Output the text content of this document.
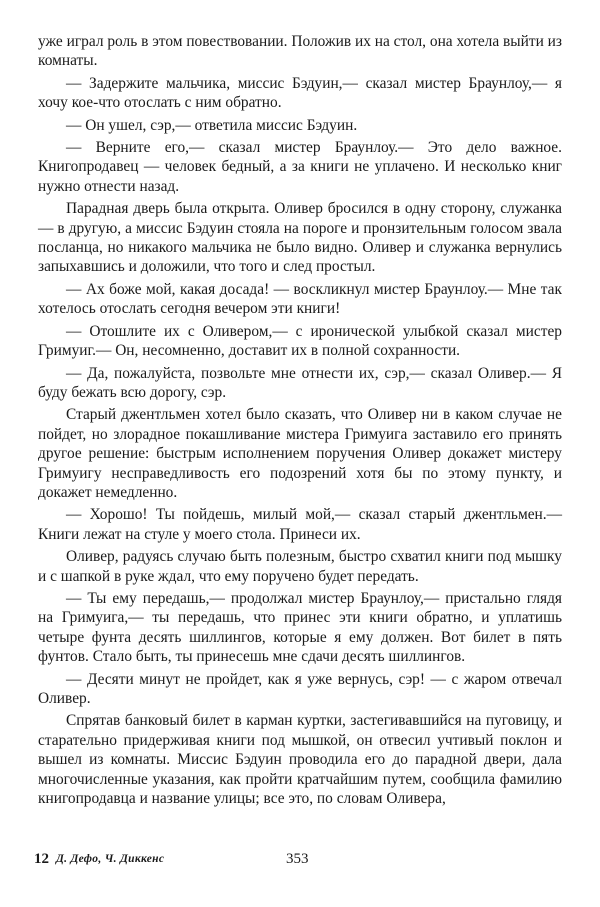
уже играл роль в этом повествовании. Положив их на стол, она хотела выйти из комнаты.

— Задержите мальчика, миссис Бэдуин,— сказал мистер Браунлоу,— я хочу кое-что отослать с ним обратно.

— Он ушел, сэр,— ответила миссис Бэдуин.

— Верните его,— сказал мистер Браунлоу.— Это дело важное. Книгопродавец — человек бедный, а за книги не уплачено. И несколько книг нужно отнести назад.

Парадная дверь была открыта. Оливер бросился в одну сторону, служанка — в другую, а миссис Бэдуин стояла на пороге и пронзительным голосом звала посланца, но никакого мальчика не было видно. Оливер и служанка вернулись запыхавшись и доложили, что того и след простыл.

— Ах боже мой, какая досада! — воскликнул мистер Браунлоу.— Мне так хотелось отослать сегодня вечером эти книги!

— Отошлите их с Оливером,— с иронической улыбкой сказал мистер Гримуиг.— Он, несомненно, доставит их в полной сохранности.

— Да, пожалуйста, позвольте мне отнести их, сэр,— сказал Оливер.— Я буду бежать всю дорогу, сэр.

Старый джентльмен хотел было сказать, что Оливер ни в каком случае не пойдет, но злорадное покашливание мистера Гримуига заставило его принять другое решение: быстрым исполнением поручения Оливер докажет мистеру Гримуигу несправедливость его подозрений хотя бы по этому пункту, и докажет немедленно.

— Хорошо! Ты пойдешь, милый мой,— сказал старый джентльмен.— Книги лежат на стуле у моего стола. Принеси их.

Оливер, радуясь случаю быть полезным, быстро схватил книги под мышку и с шапкой в руке ждал, что ему поручено будет передать.

— Ты ему передашь,— продолжал мистер Браунлоу,— пристально глядя на Гримуига,— ты передашь, что принес эти книги обратно, и уплатишь четыре фунта десять шиллингов, которые я ему должен. Вот билет в пять фунтов. Стало быть, ты принесешь мне сдачи десять шиллингов.

— Десяти минут не пройдет, как я уже вернусь, сэр! — с жаром отвечал Оливер.

Спрятав банковый билет в карман куртки, застегивавшийся на пуговицу, и старательно придерживая книги под мышкой, он отвесил учтивый поклон и вышел из комнаты. Миссис Бэдуин проводила его до парадной двери, дала многочисленные указания, как пройти кратчайшим путем, сообщила фамилию книгопродавца и название улицы; все это, по словам Оливера,

12 Д. Дефо, Ч. Диккенс	353
